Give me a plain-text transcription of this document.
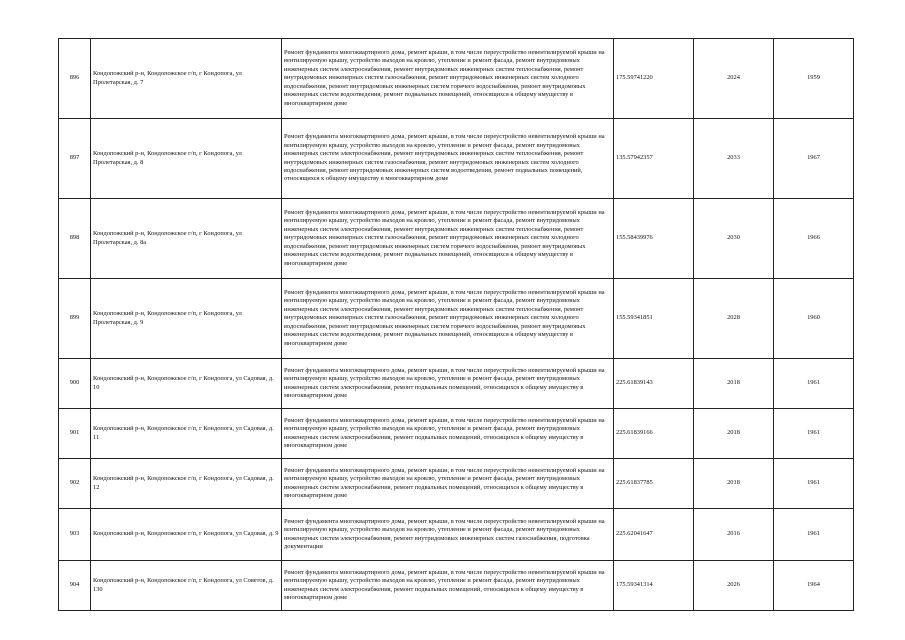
896	Кондопожский р-н, Кондопожское г/п, г Кондопога, ул Пролетарская, д. 7	Ремонт фундамента многоквартирного дома, ремонт крыши, в том числе переустройство невентилируемой крыши на вентилируемую крышу, устройство выходов на кровлю, утепление и ремонт фасада, ремонт внутридомовых инженерных систем электроснабжения, ремонт внутридомовых инженерных систем теплоснабжения, ремонт внутридомовых инженерных систем газоснабжения, ремонт внутридомовых инженерных систем холодного водоснабжения, ремонт внутридомовых инженерных систем горячего водоснабжения, ремонт внутридомовых инженерных систем водоотведения, ремонт подвальных помещений, относящихся к общему имуществу в многоквартирном доме	175.59741220	2024	1959
897	Кондопожский р-н, Кондопожское г/п, г Кондопога, ул Пролетарская, д. 8	Ремонт фундамента многоквартирного дома, ремонт крыши, в том числе переустройство невентилируемой крыши на вентилируемую крышу, устройство выходов на кровлю, утепление и ремонт фасада, ремонт внутридомовых инженерных систем электроснабжения, ремонт внутридомовых инженерных систем теплоснабжения, ремонт внутридомовых инженерных систем газоснабжения, ремонт внутридомовых инженерных систем холодного водоснабжения, ремонт внутридомовых инженерных систем водоотведения, ремонт подвальных помещений, относящихся к общему имуществу в многоквартирном доме	135.57942357	2033	1967
898	Кондопожский р-н, Кондопожское г/п, г Кондопога, ул Пролетарская, д. 8а	Ремонт фундамента многоквартирного дома, ремонт крыши, в том числе переустройство невентилируемой крыши на вентилируемую крышу, устройство выходов на кровлю, утепление и ремонт фасада, ремонт внутридомовых инженерных систем электроснабжения, ремонт внутридомовых инженерных систем теплоснабжения, ремонт внутридомовых инженерных систем газоснабжения, ремонт внутридомовых инженерных систем холодного водоснабжения, ремонт внутридомовых инженерных систем горячего водоснабжения, ремонт внутридомовых инженерных систем водоотведения, ремонт подвальных помещений, относящихся к общему имуществу в многоквартирном доме	155.58439976	2030	1966
899	Кондопожский р-н, Кондопожское г/п, г Кондопога, ул Пролетарская, д. 9	Ремонт фундамента многоквартирного дома, ремонт крыши, в том числе переустройство невентилируемой крыши на вентилируемую крышу, устройство выходов на кровлю, утепление и ремонт фасада, ремонт внутридомовых инженерных систем электроснабжения, ремонт внутридомовых инженерных систем теплоснабжения, ремонт внутридомовых инженерных систем газоснабжения, ремонт внутридомовых инженерных систем холодного водоснабжения, ремонт внутридомовых инженерных систем горячего водоснабжения, ремонт внутридомовых инженерных систем водоотведения, ремонт подвальных помещений, относящихся к общему имуществу в многоквартирном доме	155.59341851	2028	1960
900	Кондопожский р-н, Кондопожское г/п, г Кондопога, ул Садовая, д. 10	Ремонт фундамента многоквартирного дома, ремонт крыши, в том числе переустройство невентилируемой крыши на вентилируемую крышу, устройство выходов на кровлю, утепление и ремонт фасада, ремонт внутридомовых инженерных систем электроснабжения, ремонт подвальных помещений, относящихся к общему имуществу в многоквартирном доме	225.61839143	2018	1961
901	Кондопожский р-н, Кондопожское г/п, г Кондопога, ул Садовая, д. 11	Ремонт фундамента многоквартирного дома, ремонт крыши, в том числе переустройство невентилируемой крыши на вентилируемую крышу, устройство выходов на кровлю, утепление и ремонт фасада, ремонт внутридомовых инженерных систем электроснабжения, ремонт подвальных помещений, относящихся к общему имуществу в многоквартирном доме	225.61839166	2018	1961
902	Кондопожский р-н, Кондопожское г/п, г Кондопога, ул Садовая, д. 12	Ремонт фундамента многоквартирного дома, ремонт крыши, в том числе переустройство невентилируемой крыши на вентилируемую крышу, устройство выходов на кровлю, утепление и ремонт фасада, ремонт внутридомовых инженерных систем электроснабжения, ремонт подвальных помещений, относящихся к общему имуществу в многоквартирном доме	225.61837785	2018	1961
903	Кондопожский р-н, Кондопожское г/п, г Кондопога, ул Садовая, д. 9	Ремонт фундамента многоквартирного дома, ремонт крыши, в том числе переустройство невентилируемой крыши на вентилируемую крышу, устройство выходов на кровлю, утепление и ремонт фасада, ремонт внутридомовых инженерных систем электроснабжения, ремонт внутридомовых инженерных систем газоснабжения, подготовка документации	225.62041647	2016	1961
904	Кондопожский р-н, Кондопожское г/п, г Кондопога, ул Советов, д. 130	Ремонт фундамента многоквартирного дома, ремонт крыши, в том числе переустройство невентилируемой крыши на вентилируемую крышу, устройство выходов на кровлю, утепление и ремонт фасада, ремонт внутридомовых инженерных систем электроснабжения, ремонт подвальных помещений, относящихся к общему имуществу в многоквартирном доме	175.59341314	2026	1964
